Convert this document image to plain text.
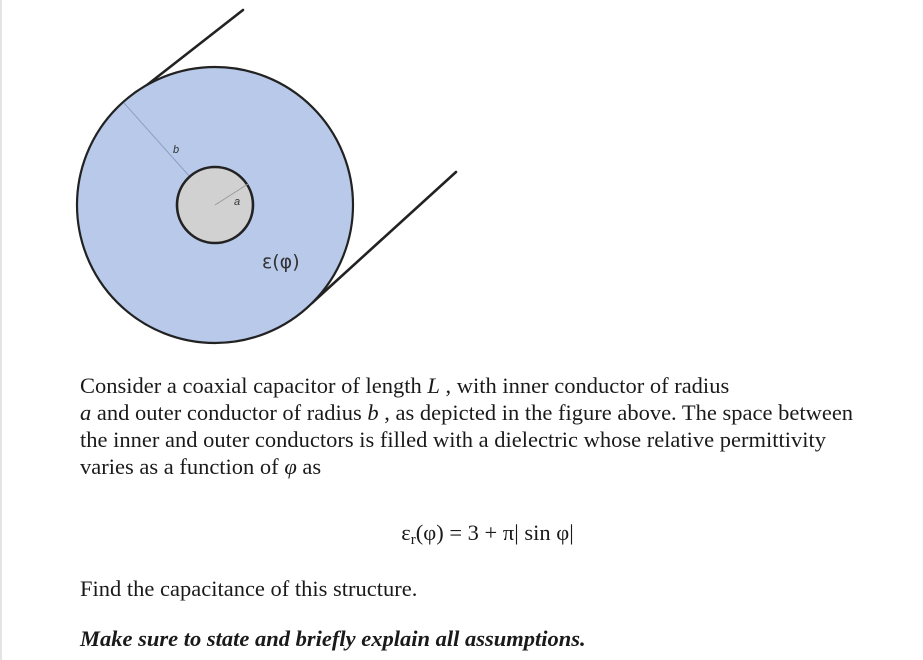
b
a
ε(φ)

Consider a coaxial capacitor of length L , with inner conductor of radius
a and outer conductor of radius b , as depicted in the figure above. The space between the inner and outer conductors is filled with a dielectric whose relative permittivity varies as a function of φ as

$\varepsilon_r(\varphi) = 3 + \pi|$ sin φ|

Find the capacitance of this structure.

Make sure to state and briefly explain all assumptions.
